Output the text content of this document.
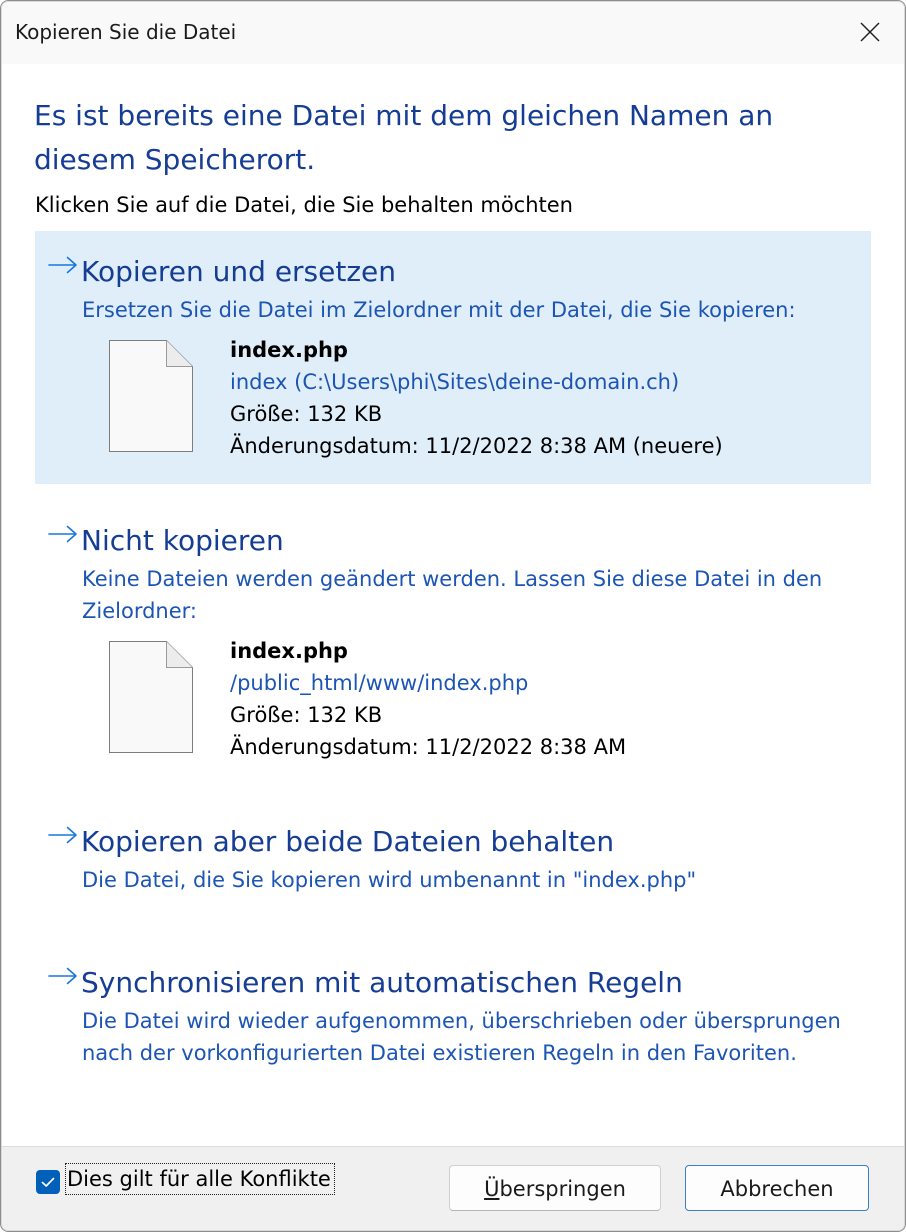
Kopieren Sie die Datei
Es ist bereits eine Datei mit dem gleichen Namen an
diesem Speicherort.
Klicken Sie auf die Datei, die Sie behalten möchten
Kopieren und ersetzen
Ersetzen Sie die Datei im Zielordner mit der Datei, die Sie kopieren:
index.php
index (C:\Users\phi\Sites\deine-domain.ch)
Größe: 132 KB
Änderungsdatum: 11/2/2022 8:38 AM (neuere)
Nicht kopieren
Keine Dateien werden geändert werden. Lassen Sie diese Datei in den
Zielordner:
index.php
/public_html/www/index.php
Größe: 132 KB
Änderungsdatum: 11/2/2022 8:38 AM
Kopieren aber beide Dateien behalten
Die Datei, die Sie kopieren wird umbenannt in "index.php"
Synchronisieren mit automatischen Regeln
Die Datei wird wieder aufgenommen, überschrieben oder übersprungen
nach der vorkonfigurierten Datei existieren Regeln in den Favoriten.
Dies gilt für alle Konflikte	Überspringen	Abbrechen
